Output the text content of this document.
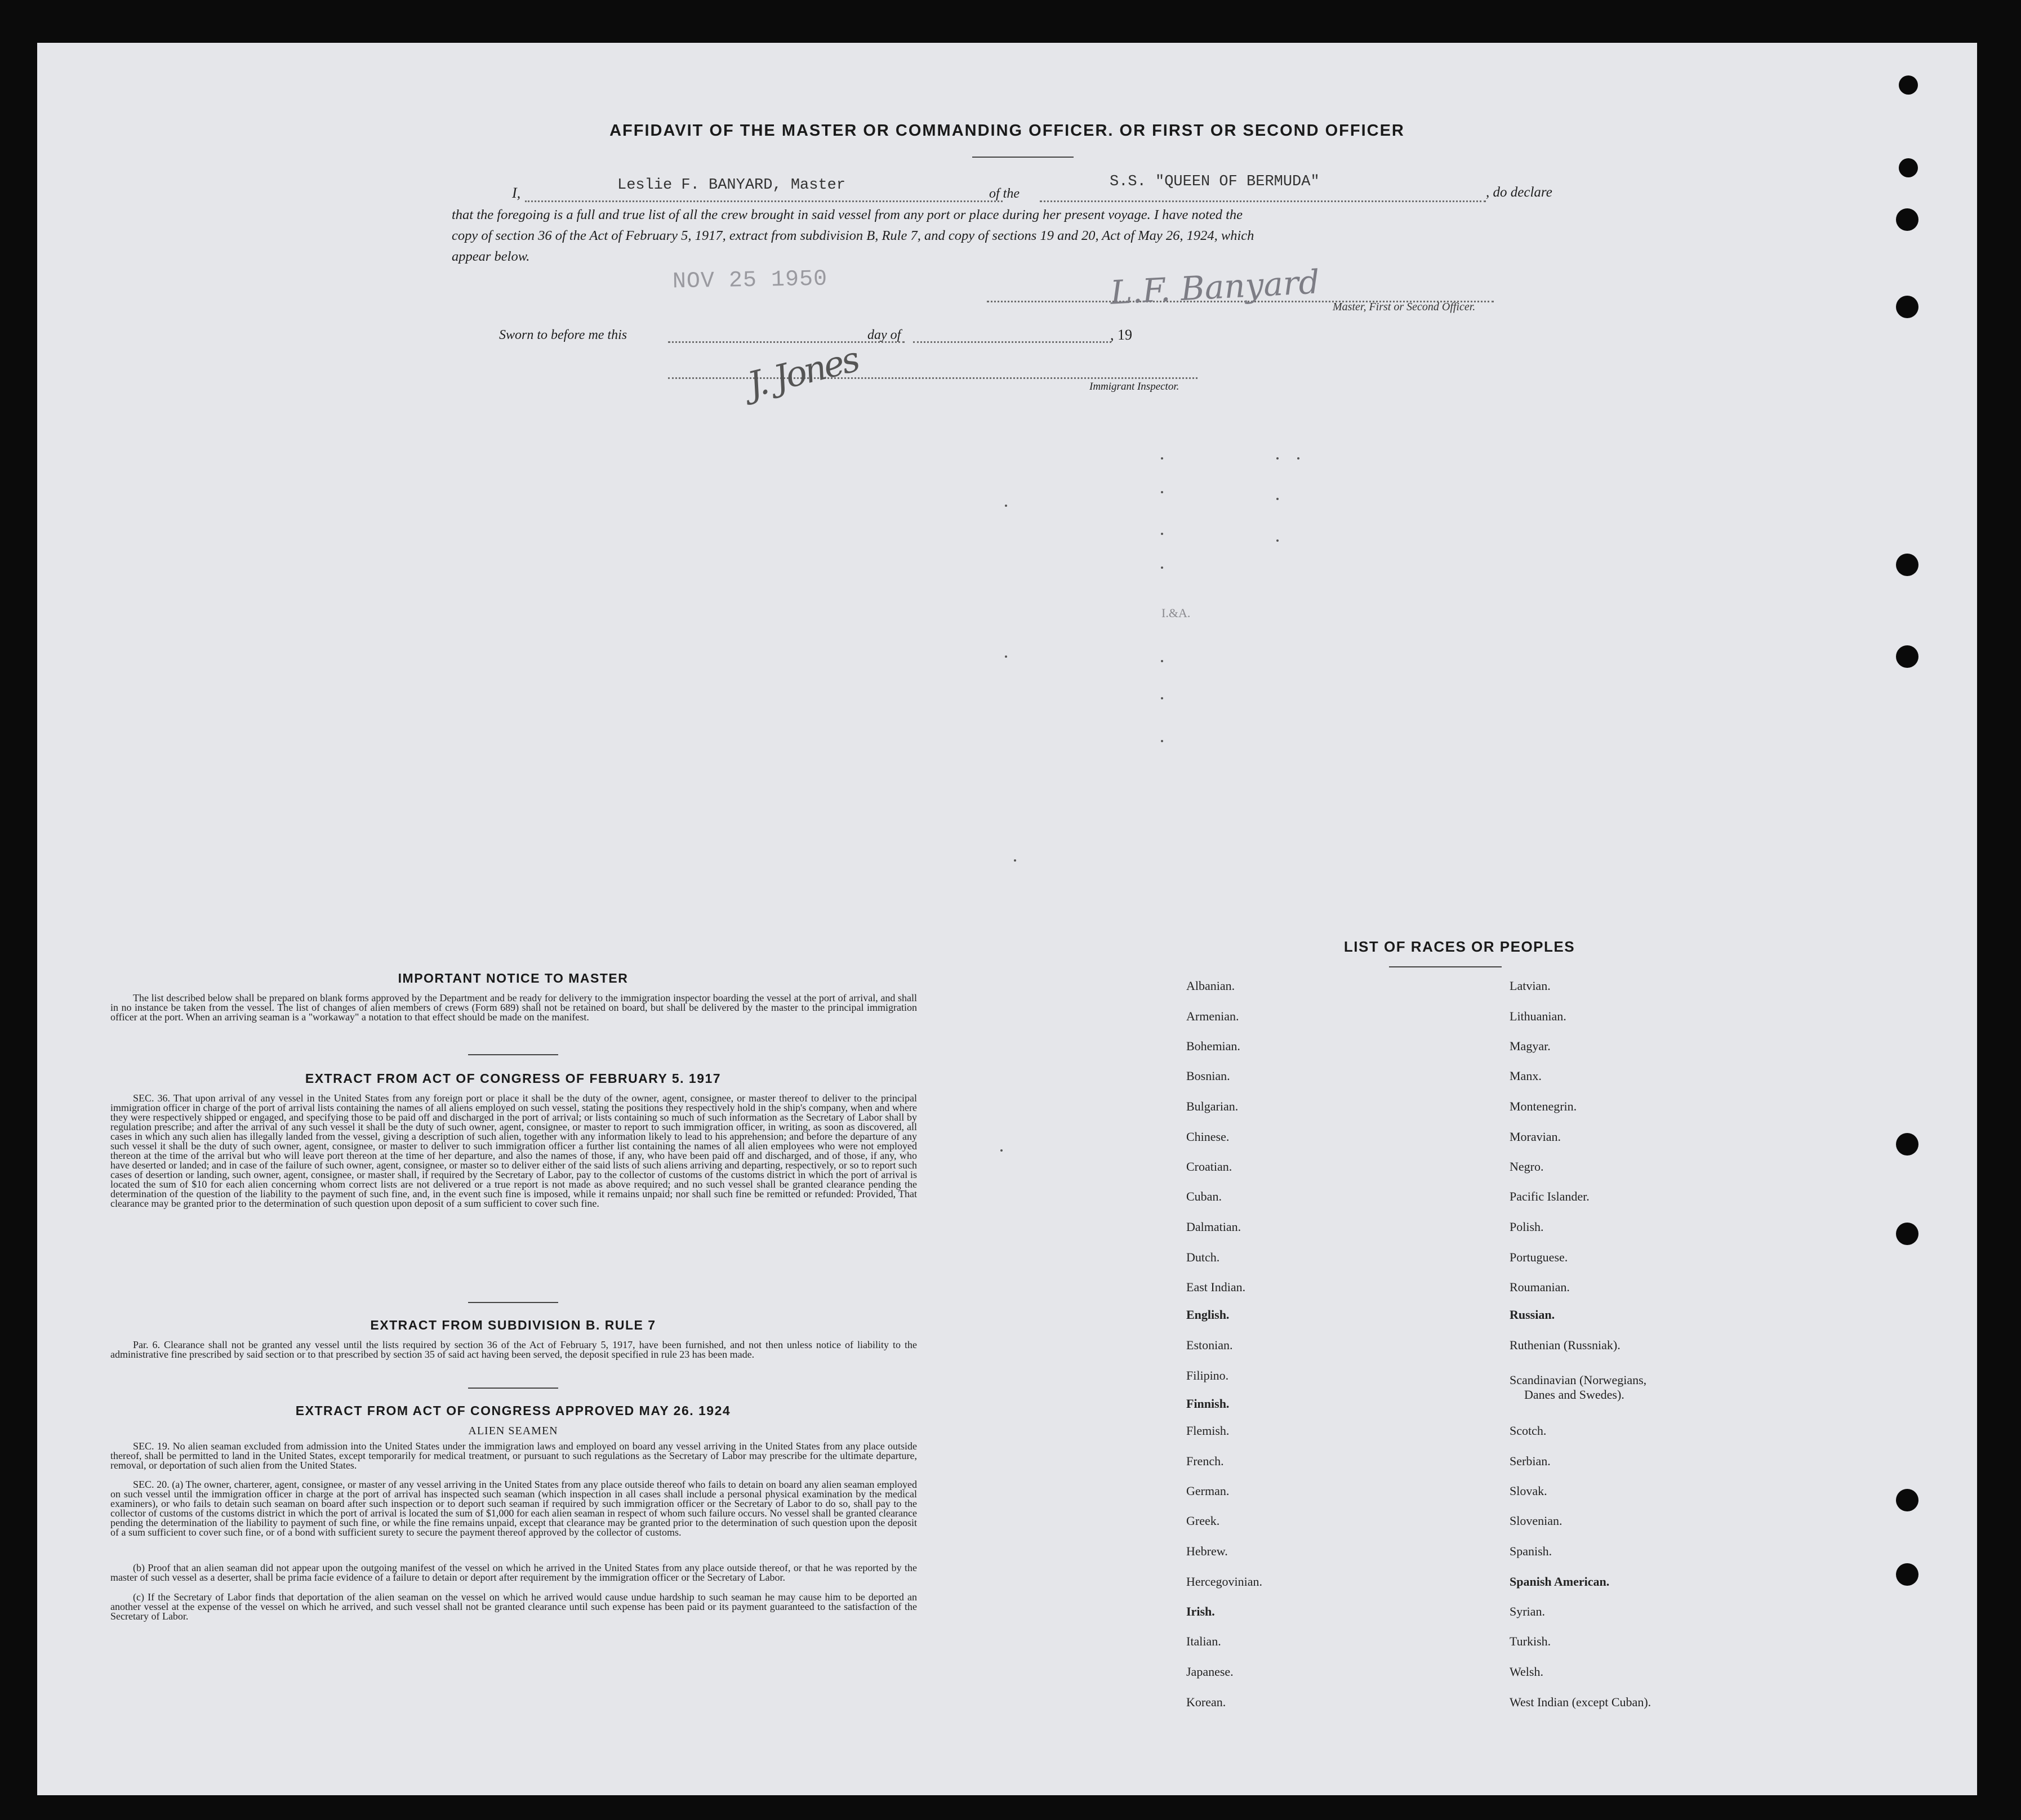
AFFIDAVIT OF THE MASTER OR COMMANDING OFFICER. OR FIRST OR SECOND OFFICER
I,	Leslie F. BANYARD, Master	of the
S.S. "QUEEN OF BERMUDA"
, do declare
that the foregoing is a full and true list of all the crew brought in said vessel from any port or place during her present voyage. I have noted the
copy of section 36 of the Act of February 5, 1917, extract from subdivision B, Rule 7, and copy of sections 19 and 20, Act of May 26, 1924, which
appear below.
NOV 25 1950	L.F. Banyard Master, First or Second Officer.
Sworn to before me this	day of	, 19
J. Jones	Immigrant Inspector.
I.&A.
IMPORTANT NOTICE TO MASTER
The list described below shall be prepared on blank forms approved by the Department and be ready for delivery to the immigration inspector boarding the vessel at the port of arrival, and shall in no instance be taken from the vessel. The list of changes of alien members of crews (Form 689) shall not be retained on board, but shall be delivered by the master to the principal immigration officer at the port. When an arriving seaman is a "workaway" a notation to that effect should be made on the manifest.
EXTRACT FROM ACT OF CONGRESS OF FEBRUARY 5. 1917
SEC. 36. That upon arrival of any vessel in the United States from any foreign port or place it shall be the duty of the owner, agent, consignee, or master thereof to deliver to the principal immigration officer in charge of the port of arrival lists containing the names of all aliens employed on such vessel, stating the positions they respectively hold in the ship's company, when and where they were respectively shipped or engaged, and specifying those to be paid off and discharged in the port of arrival; or lists containing so much of such information as the Secretary of Labor shall by regulation prescribe; and after the arrival of any such vessel it shall be the duty of such owner, agent, consignee, or master to report to such immigration officer, in writing, as soon as discovered, all cases in which any such alien has illegally landed from the vessel, giving a description of such alien, together with any information likely to lead to his apprehension; and before the departure of any such vessel it shall be the duty of such owner, agent, consignee, or master to deliver to such immigration officer a further list containing the names of all alien employees who were not employed thereon at the time of the arrival but who will leave port thereon at the time of her departure, and also the names of those, if any, who have been paid off and discharged, and of those, if any, who have deserted or landed; and in case of the failure of such owner, agent, consignee, or master so to deliver either of the said lists of such aliens arriving and departing, respectively, or so to report such cases of desertion or landing, such owner, agent, consignee, or master shall, if required by the Secretary of Labor, pay to the collector of customs of the customs district in which the port of arrival is located the sum of $10 for each alien concerning whom correct lists are not delivered or a true report is not made as above required; and no such vessel shall be granted clearance pending the determination of the question of the liability to the payment of such fine, and, in the event such fine is imposed, while it remains unpaid; nor shall such fine be remitted or refunded: Provided, That clearance may be granted prior to the determination of such question upon deposit of a sum sufficient to cover such fine.
EXTRACT FROM SUBDIVISION B. RULE 7
Par. 6. Clearance shall not be granted any vessel until the lists required by section 36 of the Act of February 5, 1917, have been furnished, and not then unless notice of liability to the administrative fine prescribed by said section or to that prescribed by section 35 of said act having been served, the deposit specified in rule 23 has been made.
EXTRACT FROM ACT OF CONGRESS APPROVED MAY 26. 1924
ALIEN SEAMEN
SEC. 19. No alien seaman excluded from admission into the United States under the immigration laws and employed on board any vessel arriving in the United States from any place outside thereof, shall be permitted to land in the United States, except temporarily for medical treatment, or pursuant to such regulations as the Secretary of Labor may prescribe for the ultimate departure, removal, or deportation of such alien from the United States.
SEC. 20. (a) The owner, charterer, agent, consignee, or master of any vessel arriving in the United States from any place outside thereof who fails to detain on board any alien seaman employed on such vessel until the immigration officer in charge at the port of arrival has inspected such seaman (which inspection in all cases shall include a personal physical examination by the medical examiners), or who fails to detain such seaman on board after such inspection or to deport such seaman if required by such immigration officer or the Secretary of Labor to do so, shall pay to the collector of customs of the customs district in which the port of arrival is located the sum of $1,000 for each alien seaman in respect of whom such failure occurs. No vessel shall be granted clearance pending the determination of the liability to payment of such fine, or while the fine remains unpaid, except that clearance may be granted prior to the determination of such question upon the deposit of a sum sufficient to cover such fine, or of a bond with sufficient surety to secure the payment thereof approved by the collector of customs.
(b) Proof that an alien seaman did not appear upon the outgoing manifest of the vessel on which he arrived in the United States from any place outside thereof, or that he was reported by the master of such vessel as a deserter, shall be prima facie evidence of a failure to detain or deport after requirement by the immigration officer or the Secretary of Labor.
(c) If the Secretary of Labor finds that deportation of the alien seaman on the vessel on which he arrived would cause undue hardship to such seaman he may cause him to be deported an another vessel at the expense of the vessel on which he arrived, and such vessel shall not be granted clearance until such expense has been paid or its payment guaranteed to the satisfaction of the Secretary of Labor.
LIST OF RACES OR PEOPLES
Albanian.
Armenian.
Bohemian.
Bosnian.
Bulgarian.
Chinese.
Croatian.
Cuban.
Dalmatian.
Dutch.
East Indian.
English.
Estonian.
Filipino.
Finnish.
Flemish.
French.
German.
Greek.
Hebrew.
Hercegovinian.
Irish.
Italian.
Japanese.
Korean.
Latvian.
Lithuanian.
Magyar.
Manx.
Montenegrin.
Moravian.
Negro.
Pacific Islander.
Polish.
Portuguese.
Roumanian.
Russian.
Ruthenian (Russniak).
Scandinavian (Norwegians,
Danes and Swedes).
Scotch.
Serbian.
Slovak.
Slovenian.
Spanish.
Spanish American.
Syrian.
Turkish.
Welsh.
West Indian (except Cuban).
